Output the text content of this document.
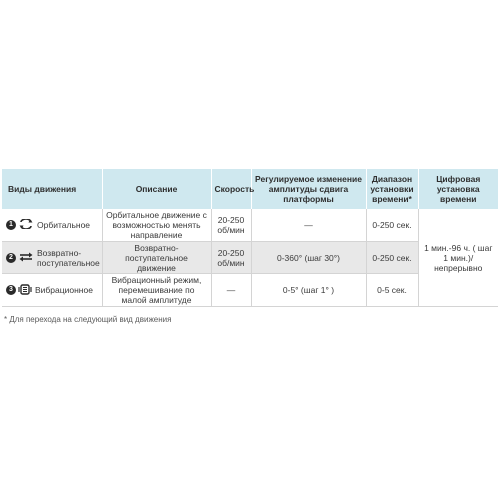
Виды движения	Описание	Скорость	Регулируемое изменение амплитуды сдвига платформы	Диапазон установки времени*	Цифровая установка времени

1 Орбитальное	Орбитальное движение с возможностью менять направление	20-250 об/мин	—	0-250 сек.	1 мин.-96 ч. ( шаг 1 мин.)/ непрерывно

2 Возвратно-поступательное	Возвратно-поступательное движение	20-250 об/мин	0-360° (шаг 30°)	0-250 сек.	

3 Вибрационное	Вибрационный режим, перемешивание по малой амплитуде	—	0-5° (шаг 1° )	0-5 сек.	
* Для перехода на следующий вид движения
